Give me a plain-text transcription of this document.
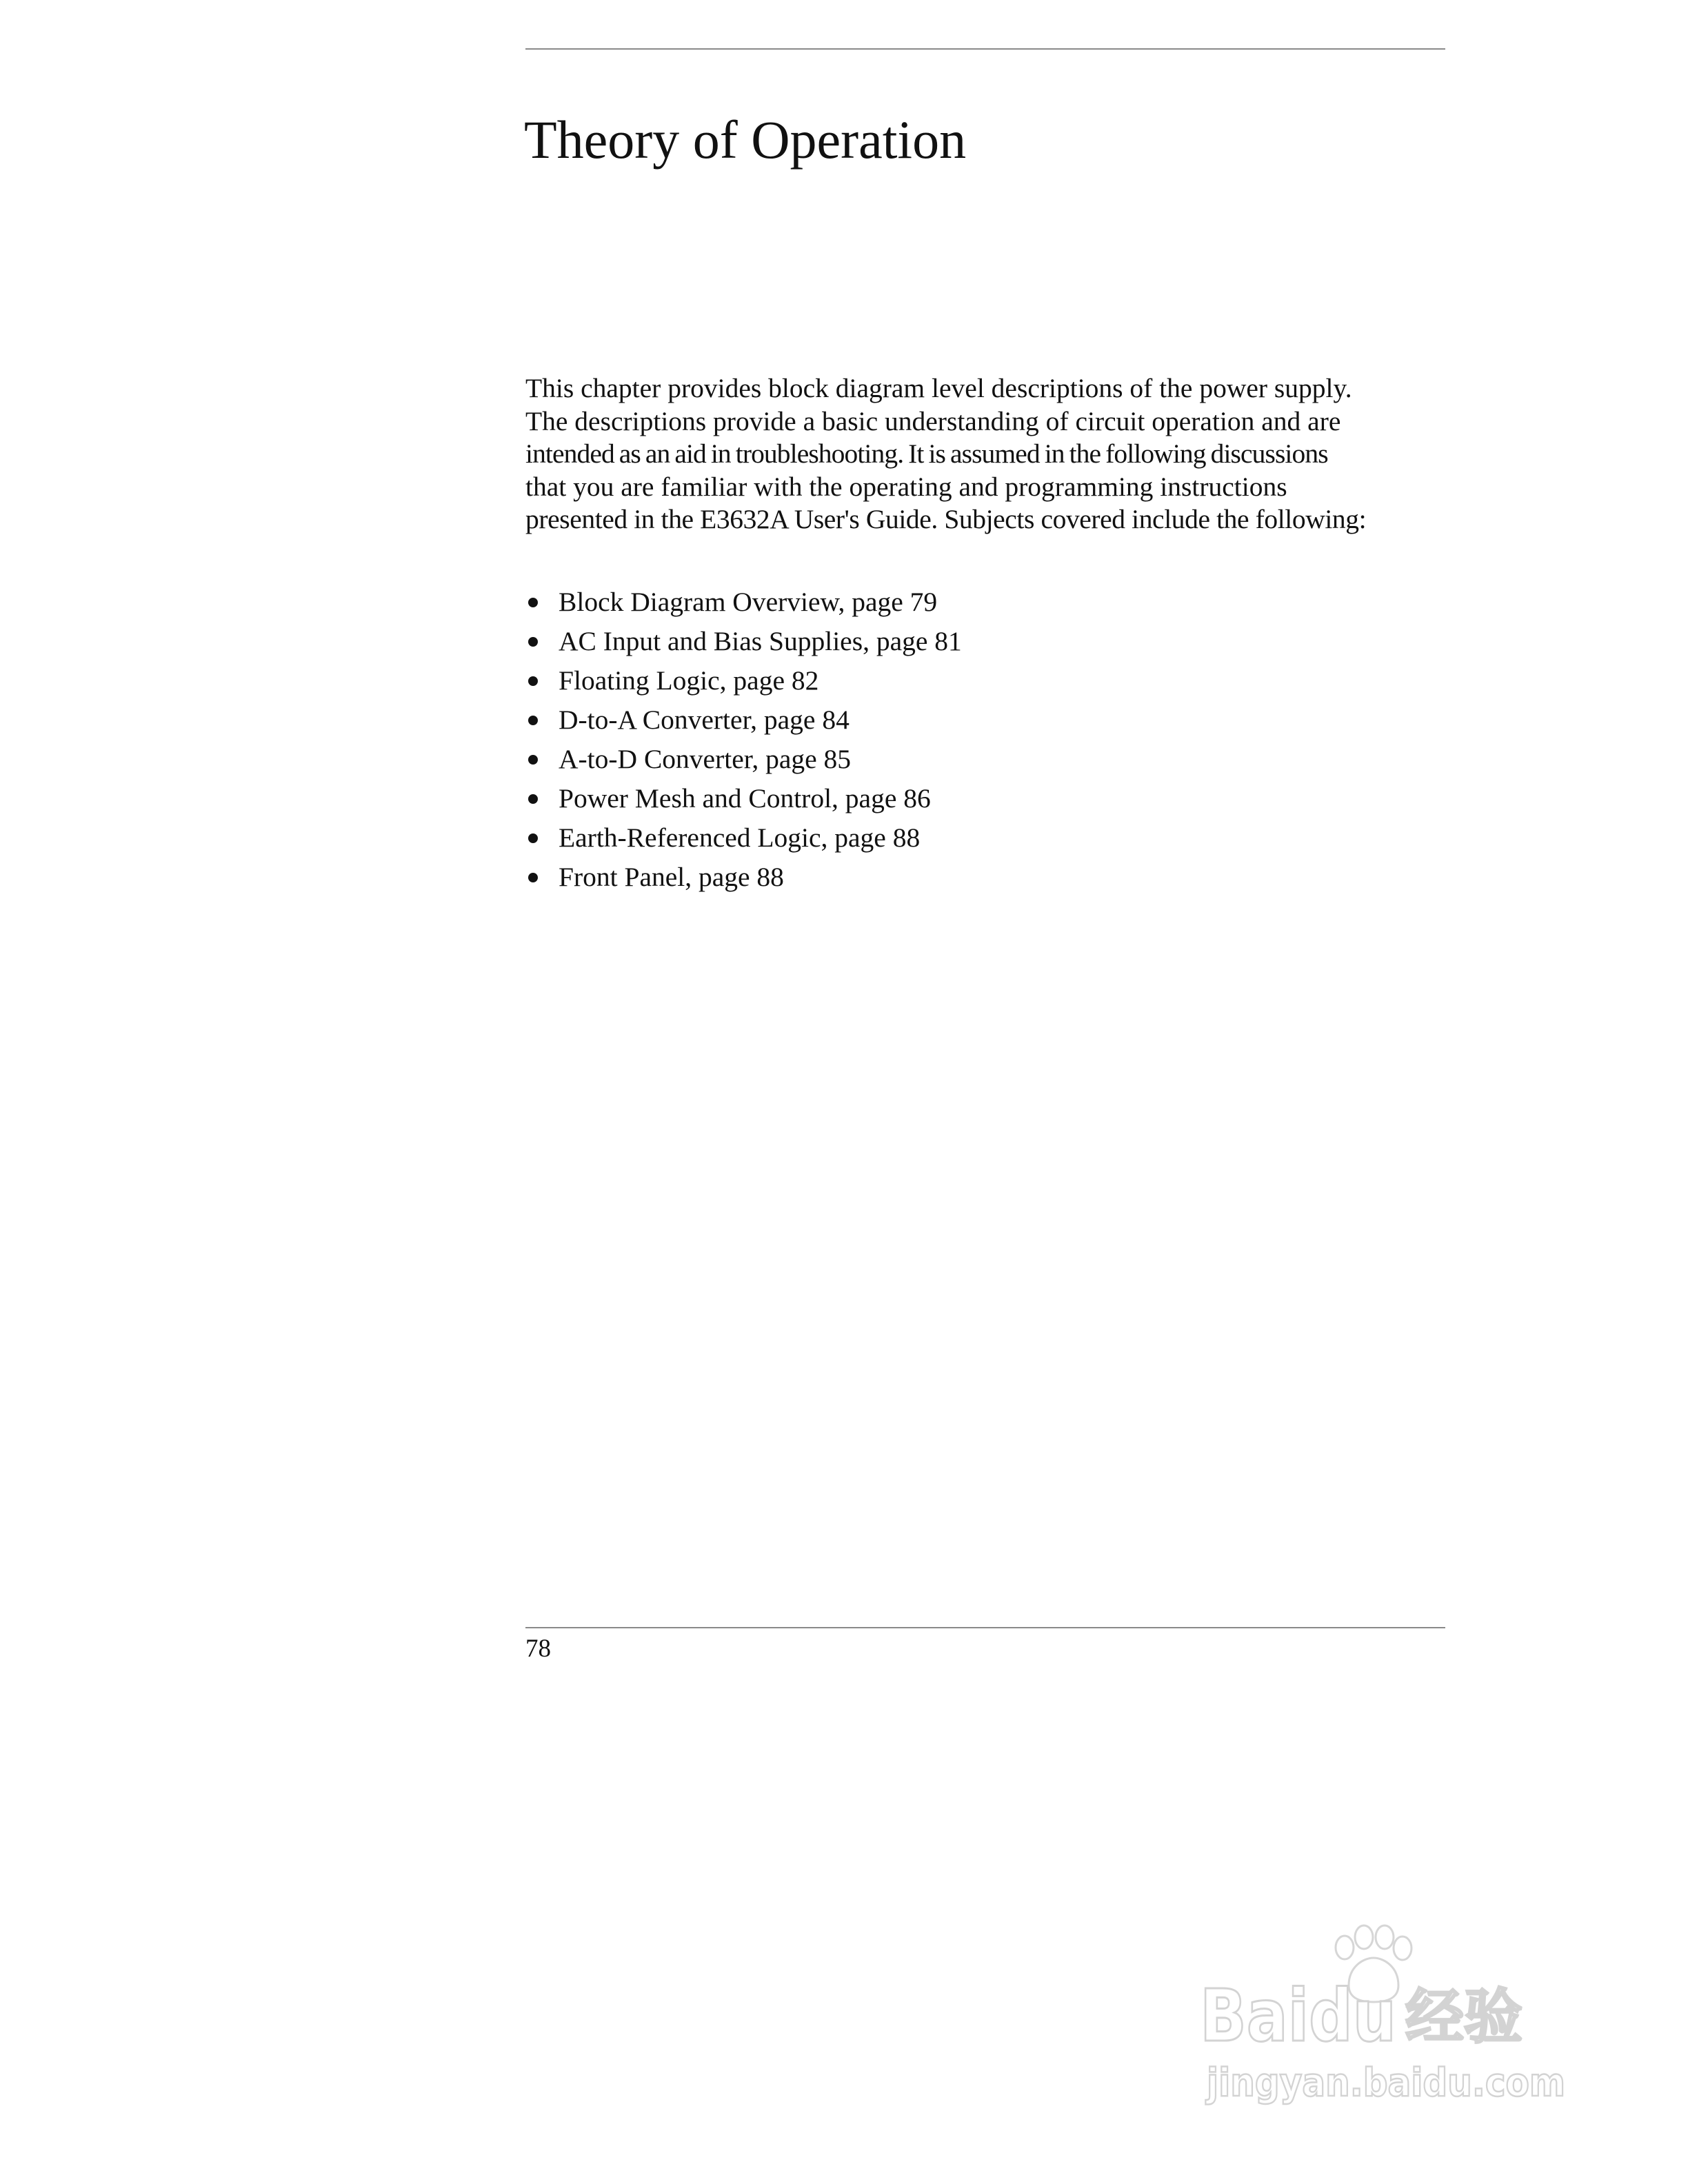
Theory of Operation
This chapter provides block diagram level descriptions of the power supply.
The descriptions provide a basic understanding of circuit operation and are
intended as an aid in troubleshooting. It is assumed in the following discussions
that you are familiar with the operating and programming instructions
presented in the E3632A User's Guide. Subjects covered include the following:
Block Diagram Overview, page 79
AC Input and Bias Supplies, page 81
Floating Logic, page 82
D-to-A Converter, page 84
A-to-D Converter, page 85
Power Mesh and Control, page 86
Earth-Referenced Logic, page 88
Front Panel, page 88
78
Baidu 经验
jingyan.baidu.com
